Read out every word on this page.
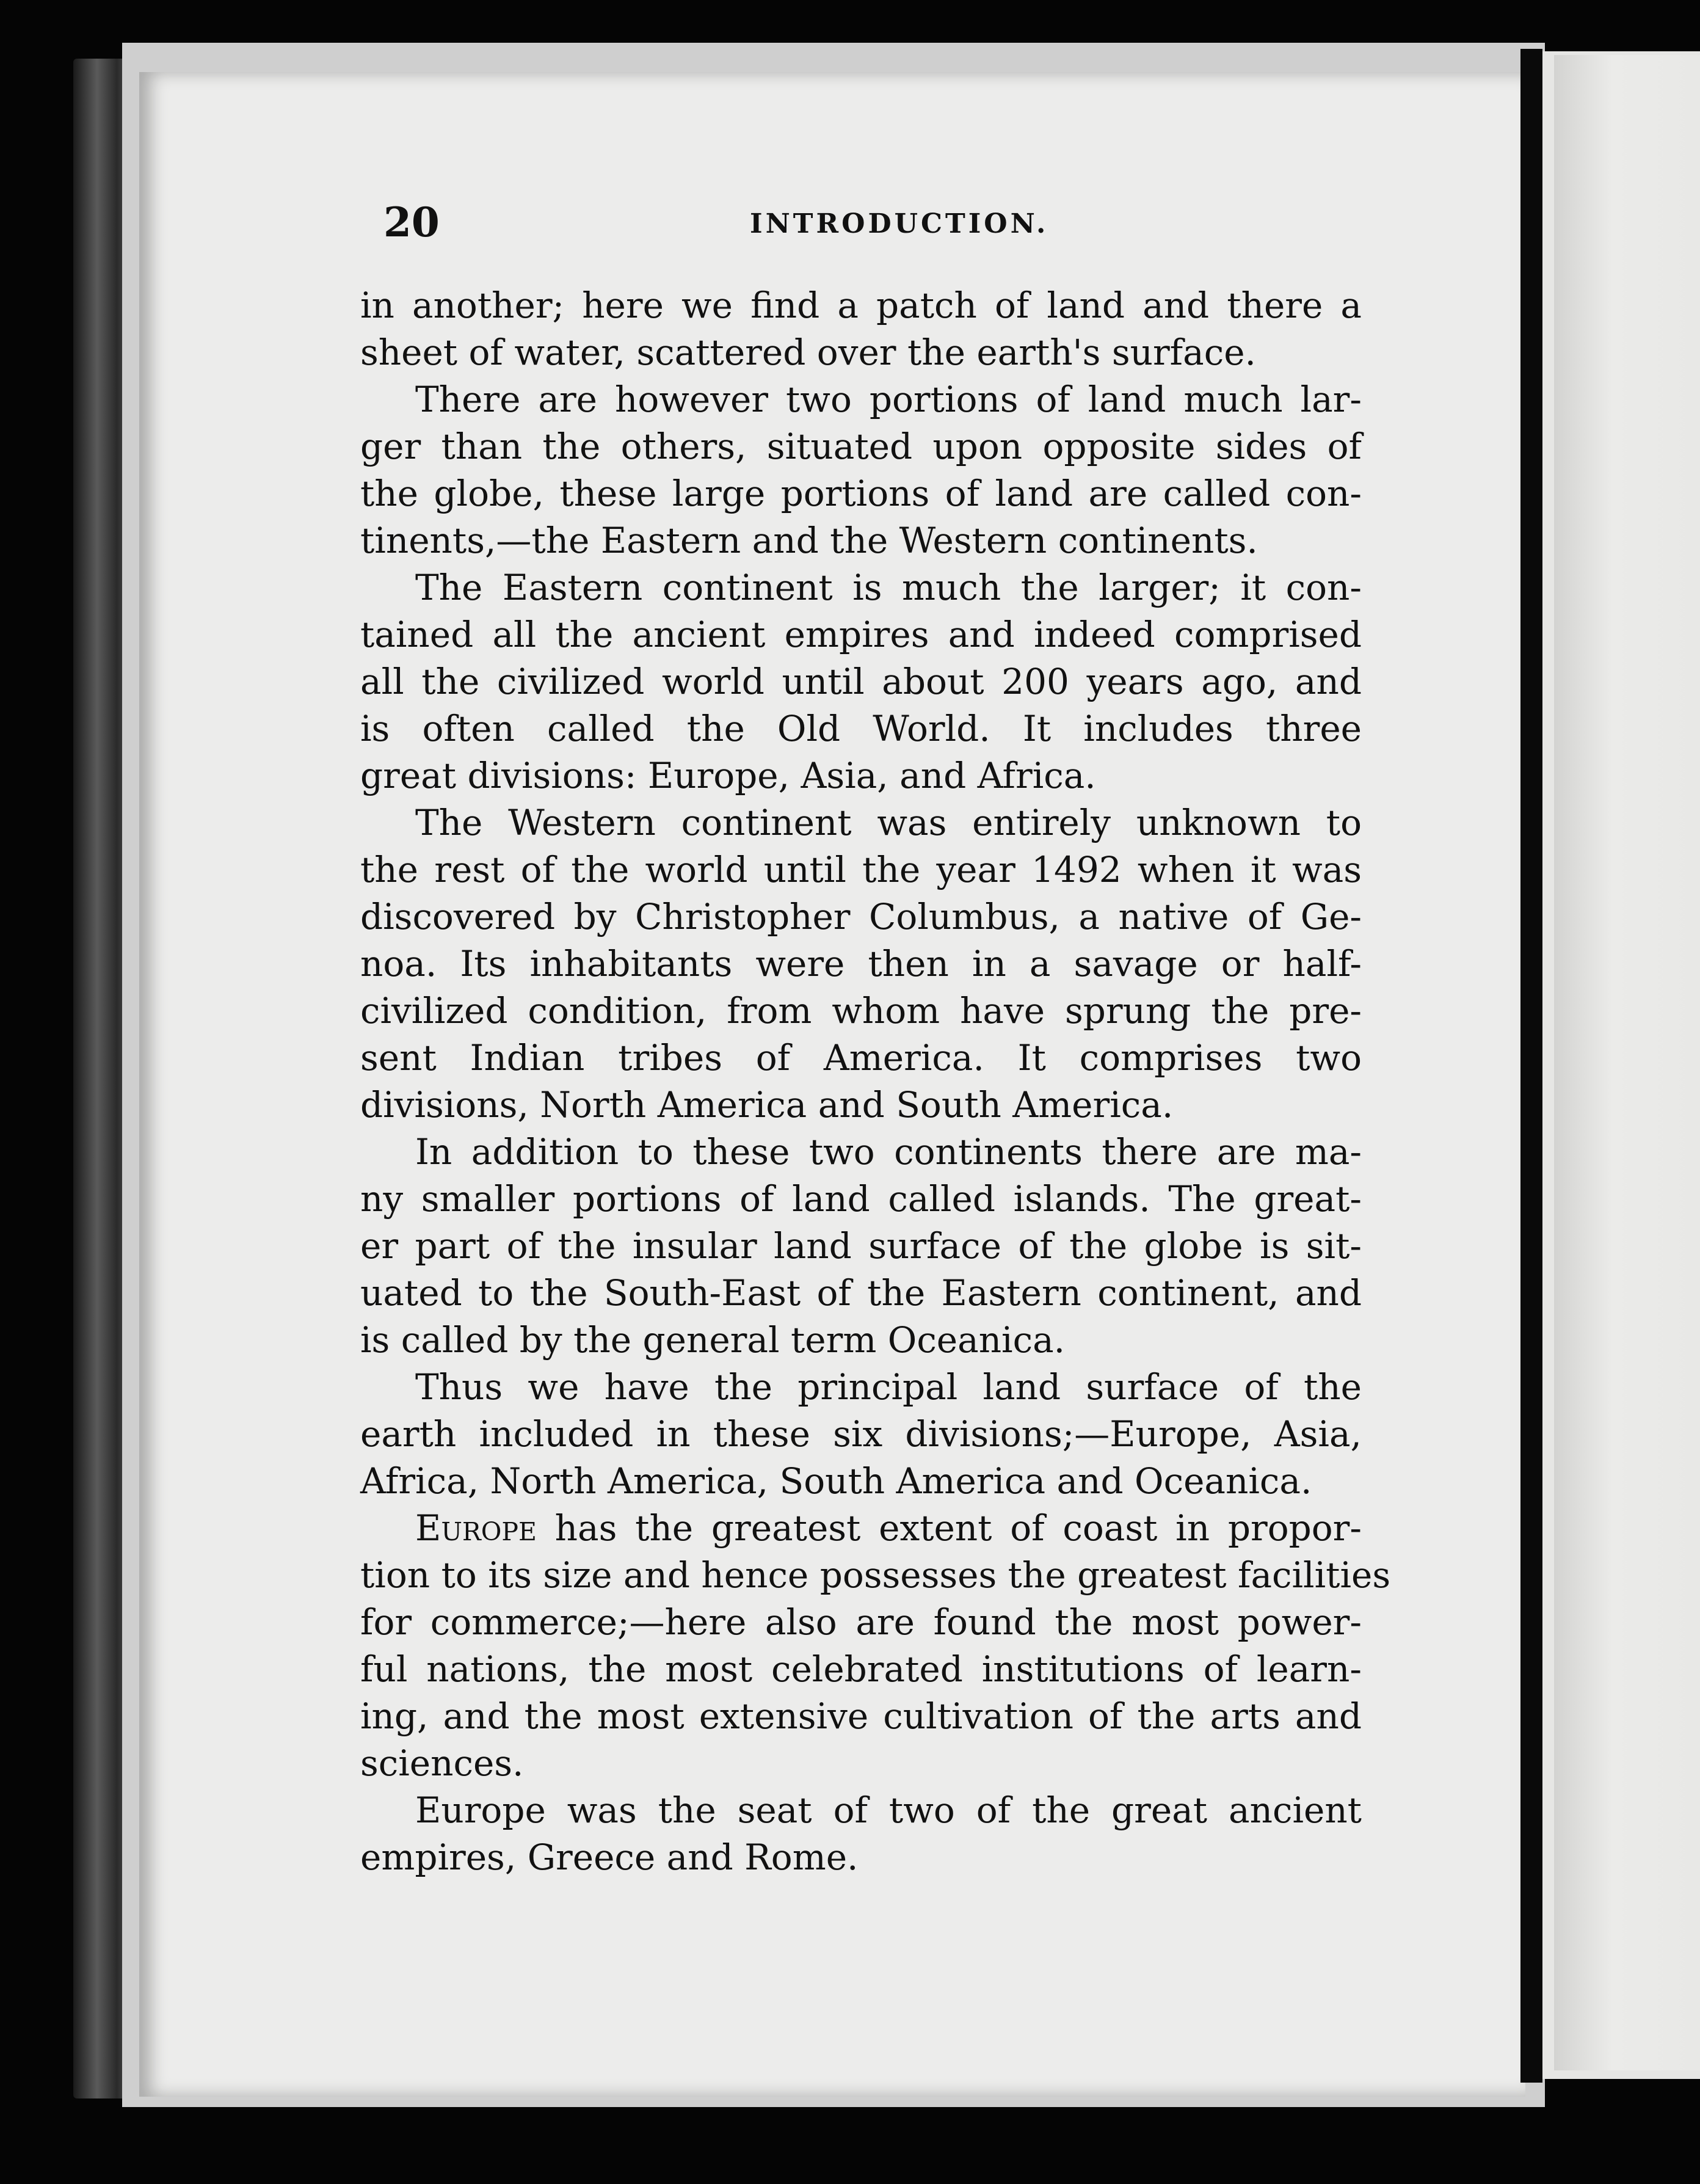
20	INTRODUCTION.
in another; here we find a patch of land and there a
sheet of water, scattered over the earth's surface.
There are however two portions of land much lar-
ger than the others, situated upon opposite sides of
the globe, these large portions of land are called con-
tinents,—the Eastern and the Western continents.
The Eastern continent is much the larger; it con-
tained all the ancient empires and indeed comprised
all the civilized world until about 200 years ago, and
is often called the Old World. It includes three
great divisions: Europe, Asia, and Africa.
The Western continent was entirely unknown to
the rest of the world until the year 1492 when it was
discovered by Christopher Columbus, a native of Ge-
noa. Its inhabitants were then in a savage or half-
civilized condition, from whom have sprung the pre-
sent Indian tribes of America. It comprises two
divisions, North America and South America.
In addition to these two continents there are ma-
ny smaller portions of land called islands. The great-
er part of the insular land surface of the globe is sit-
uated to the South-East of the Eastern continent, and
is called by the general term Oceanica.
Thus we have the principal land surface of the
earth included in these six divisions;—Europe, Asia,
Africa, North America, South America and Oceanica.
Europe has the greatest extent of coast in propor-
tion to its size and hence possesses the greatest facilities
for commerce;—here also are found the most power-
ful nations, the most celebrated institutions of learn-
ing, and the most extensive cultivation of the arts and
sciences.
Europe was the seat of two of the great ancient
empires, Greece and Rome.
